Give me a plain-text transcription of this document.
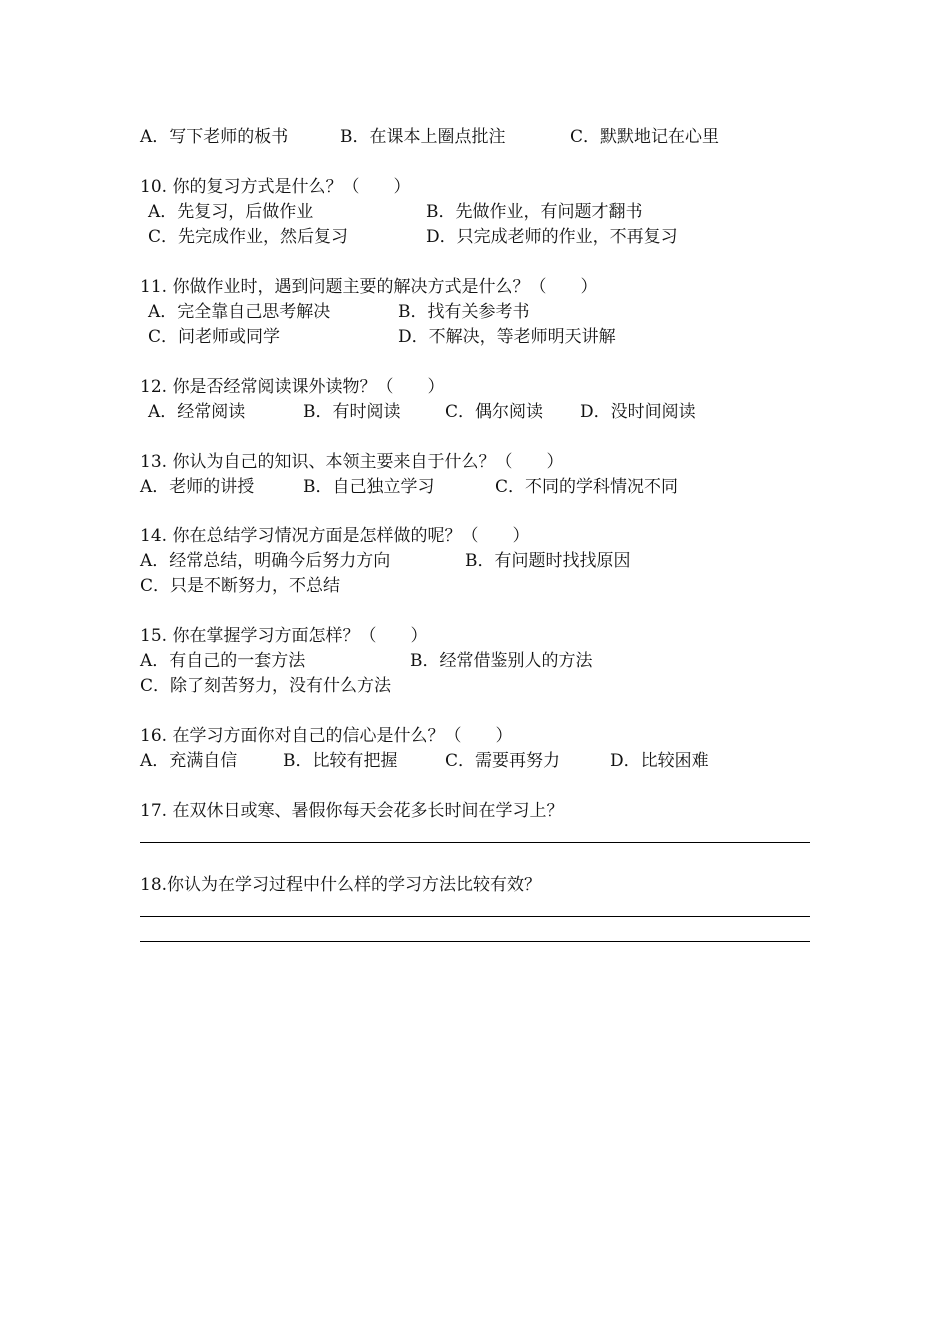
A．写下老师的板书	B．在课本上圈点批注	C．默默地记在心里
10. 你的复习方式是什么？（　　）
A．先复习，后做作业	B．先做作业，有问题才翻书
C．先完成作业，然后复习	D．只完成老师的作业，不再复习
11. 你做作业时，遇到问题主要的解决方式是什么？（　　）
A．完全靠自己思考解决	B．找有关参考书
C．问老师或同学	D．不解决，等老师明天讲解
12. 你是否经常阅读课外读物？（　　）
A．经常阅读	B．有时阅读	C．偶尔阅读 D．没时间阅读
13. 你认为自己的知识、本领主要来自于什么？（　　）
A．老师的讲授	B．自己独立学习	C．不同的学科情况不同
14. 你在总结学习情况方面是怎样做的呢？（　　）
A．经常总结，明确今后努力方向	B．有问题时找找原因
C．只是不断努力，不总结
15. 你在掌握学习方面怎样？（　　）
A．有自己的一套方法	B．经常借鉴别人的方法
C．除了刻苦努力，没有什么方法
16. 在学习方面你对自己的信心是什么？（　　）
A．充满自信	B．比较有把握	C．需要再努力	D．比较困难
17. 在双休日或寒、暑假你每天会花多长时间在学习上？
18.你认为在学习过程中什么样的学习方法比较有效？
